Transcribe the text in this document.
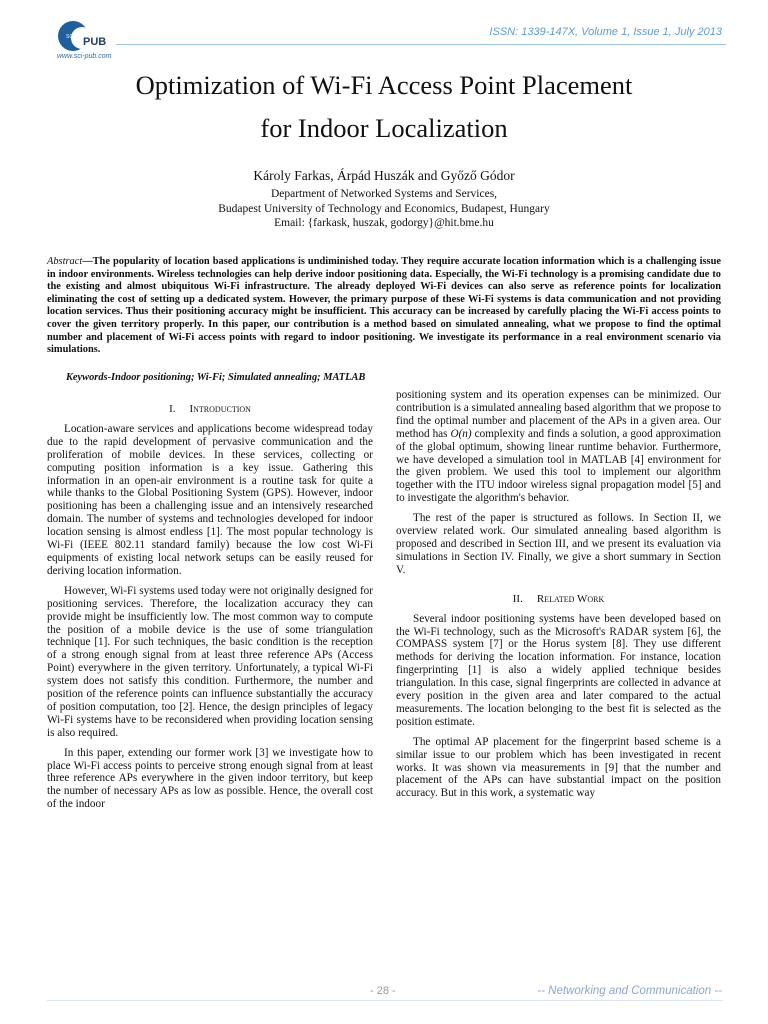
SCI PUB
www.sci-pub.com
ISSN: 1339-147X, Volume 1, Issue 1, July 2013
Optimization of Wi-Fi Access Point Placement
for Indoor Localization
Károly Farkas, Árpád Huszák and Győző Gódor
Department of Networked Systems and Services,
Budapest University of Technology and Economics, Budapest, Hungary
Email: {farkask, huszak, godorgy}@hit.bme.hu

Abstract—The popularity of location based applications is undiminished today. They require accurate location information which is a challenging issue in indoor environments. Wireless technologies can help derive indoor positioning data. Especially, the Wi-Fi technology is a promising candidate due to the existing and almost ubiquitous Wi-Fi infrastructure. The already deployed Wi-Fi devices can also serve as reference points for localization eliminating the cost of setting up a dedicated system. However, the primary purpose of these Wi-Fi systems is data communication and not providing location services. Thus their positioning accuracy might be insufficient. This accuracy can be increased by carefully placing the Wi-Fi access points to cover the given territory properly. In this paper, our contribution is a method based on simulated annealing, what we propose to find the optimal number and placement of Wi-Fi access points with regard to indoor positioning. We investigate its performance in a real environment scenario via simulations.

Keywords-Indoor positioning; Wi-Fi; Simulated annealing; MATLAB
I. Introduction

Location-aware services and applications become widespread today due to the rapid development of pervasive communication and the proliferation of mobile devices. In these services, collecting or computing position information is a key issue. Gathering this information in an open-air environment is a routine task for quite a while thanks to the Global Positioning System (GPS). However, indoor positioning has been a challenging issue and an intensively researched domain. The number of systems and technologies developed for indoor location sensing is almost endless [1]. The most popular technology is Wi-Fi (IEEE 802.11 standard family) because the low cost Wi-Fi equipments of existing local network setups can be easily reused for deriving location information.

However, Wi-Fi systems used today were not originally designed for positioning services. Therefore, the localization accuracy they can provide might be insufficiently low. The most common way to compute the position of a mobile device is the use of some triangulation technique [1]. For such techniques, the basic condition is the reception of a strong enough signal from at least three reference APs (Access Point) everywhere in the given territory. Unfortunately, a typical Wi-Fi system does not satisfy this condition. Furthermore, the number and position of the reference points can influence substantially the accuracy of position computation, too [2]. Hence, the design principles of legacy Wi-Fi systems have to be reconsidered when providing location sensing is also required.

In this paper, extending our former work [3] we investigate how to place Wi-Fi access points to perceive strong enough signal from at least three reference APs everywhere in the given indoor territory, but keep the number of necessary APs as low as possible. Hence, the overall cost of the indoor

positioning system and its operation expenses can be minimized. Our contribution is a simulated annealing based algorithm that we propose to find the optimal number and placement of the APs in a given area. Our method has O(n) complexity and finds a solution, a good approximation of the global optimum, showing linear runtime behavior. Furthermore, we have developed a simulation tool in MATLAB [4] environment for the given problem. We used this tool to implement our algorithm together with the ITU indoor wireless signal propagation model [5] and to investigate the algorithm's behavior.

The rest of the paper is structured as follows. In Section II, we overview related work. Our simulated annealing based algorithm is proposed and described in Section III, and we present its evaluation via simulations in Section IV. Finally, we give a short summary in Section V.

II. Related Work

Several indoor positioning systems have been developed based on the Wi-Fi technology, such as the Microsoft's RADAR system [6], the COMPASS system [7] or the Horus system [8]. They use different methods for deriving the location information. For instance, location fingerprinting [1] is also a widely applied technique besides triangulation. In this case, signal fingerprints are collected in advance at every position in the given area and later compared to the actual measurements. The location belonging to the best fit is selected as the position estimate.

The optimal AP placement for the fingerprint based scheme is a similar issue to our problem which has been investigated in recent works. It was shown via measurements in [9] that the number and placement of the APs can have substantial impact on the position accuracy. But in this work, a systematic way

- 28 -	-- Networking and Communication --
